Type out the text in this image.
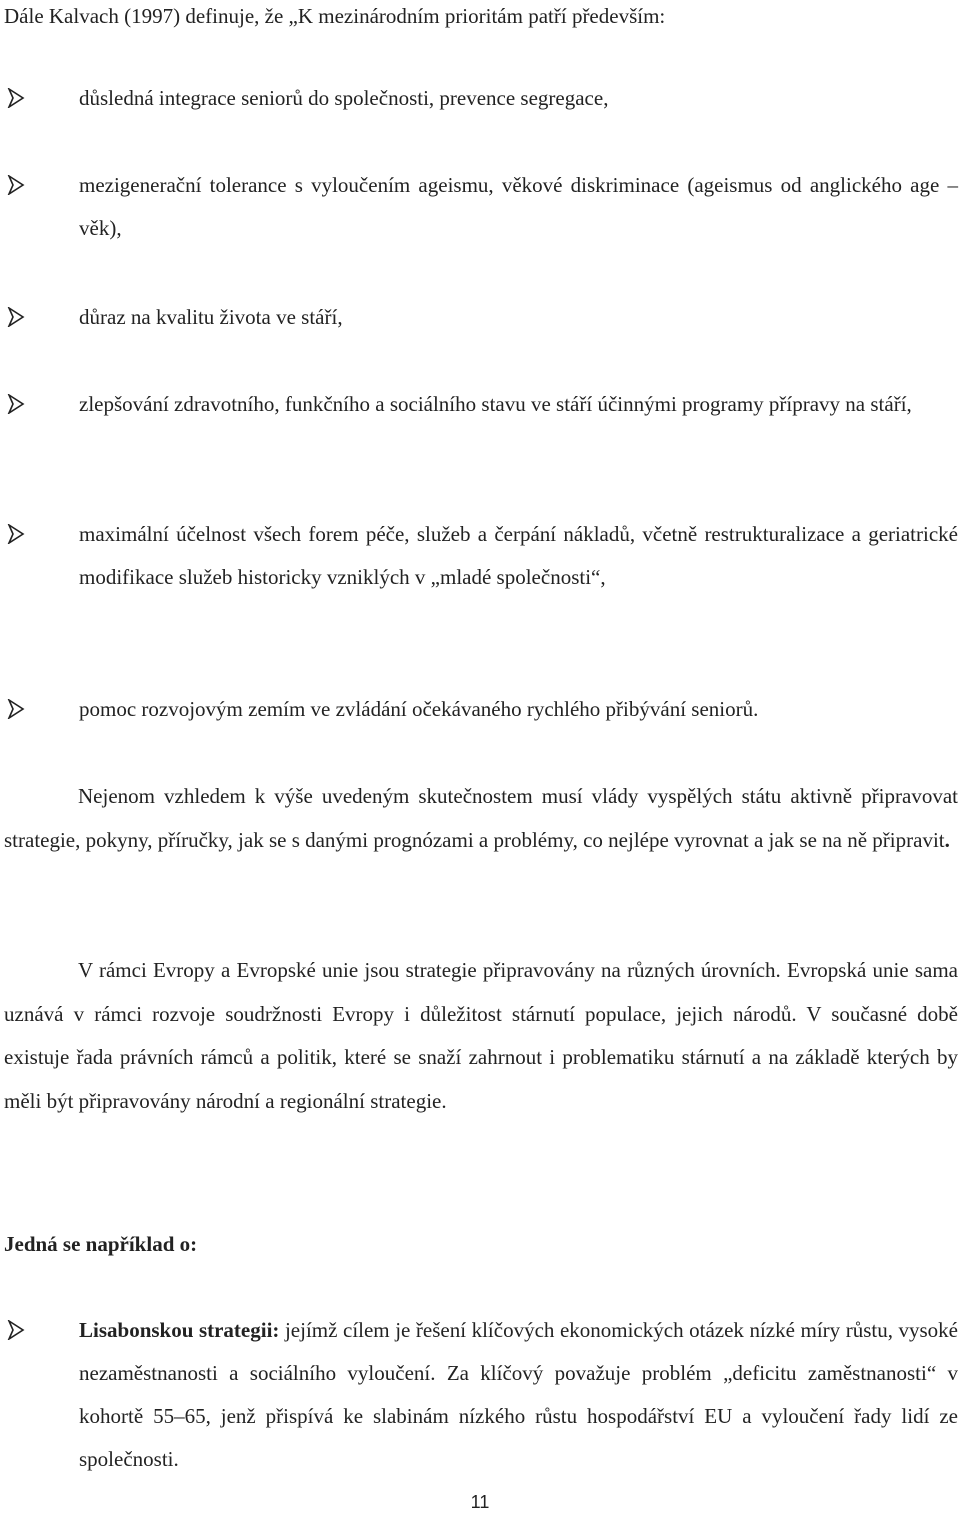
Dále Kalvach (1997) definuje, že „K mezinárodním prioritám patří především:
důsledná integrace seniorů do společnosti, prevence segregace,
mezigenerační tolerance s vyloučením ageismu, věkové diskriminace (ageismus od anglického age – věk),
důraz na kvalitu života ve stáří,
zlepšování zdravotního, funkčního a sociálního stavu ve stáří účinnými programy přípravy na stáří,
maximální účelnost všech forem péče, služeb a čerpání nákladů, včetně restrukturalizace a geriatrické modifikace služeb historicky vzniklých v „mladé společnosti“,
pomoc rozvojovým zemím ve zvládání očekávaného rychlého přibývání seniorů.
Nejenom vzhledem k výše uvedeným skutečnostem musí vlády vyspělých státu aktivně připravovat strategie, pokyny, příručky, jak se s danými prognózami a problémy, co nejlépe vyrovnat a jak se na ně připravit.
V rámci Evropy a Evropské unie jsou strategie připravovány na různých úrovních. Evropská unie sama uznává v rámci rozvoje soudržnosti Evropy i důležitost stárnutí populace, jejich národů. V současné době existuje řada právních rámců a politik, které se snaží zahrnout i problematiku stárnutí a na základě kterých by měli být připravovány národní a regionální strategie.
Jedná se například o:
Lisabonskou strategii: jejímž cílem je řešení klíčových ekonomických otázek nízké míry růstu, vysoké nezaměstnanosti a sociálního vyloučení. Za klíčový považuje problém „deficitu zaměstnanosti“ v kohortě 55–65, jenž přispívá ke slabinám nízkého růstu hospodářství EU a vyloučení řady lidí ze společnosti.
11
